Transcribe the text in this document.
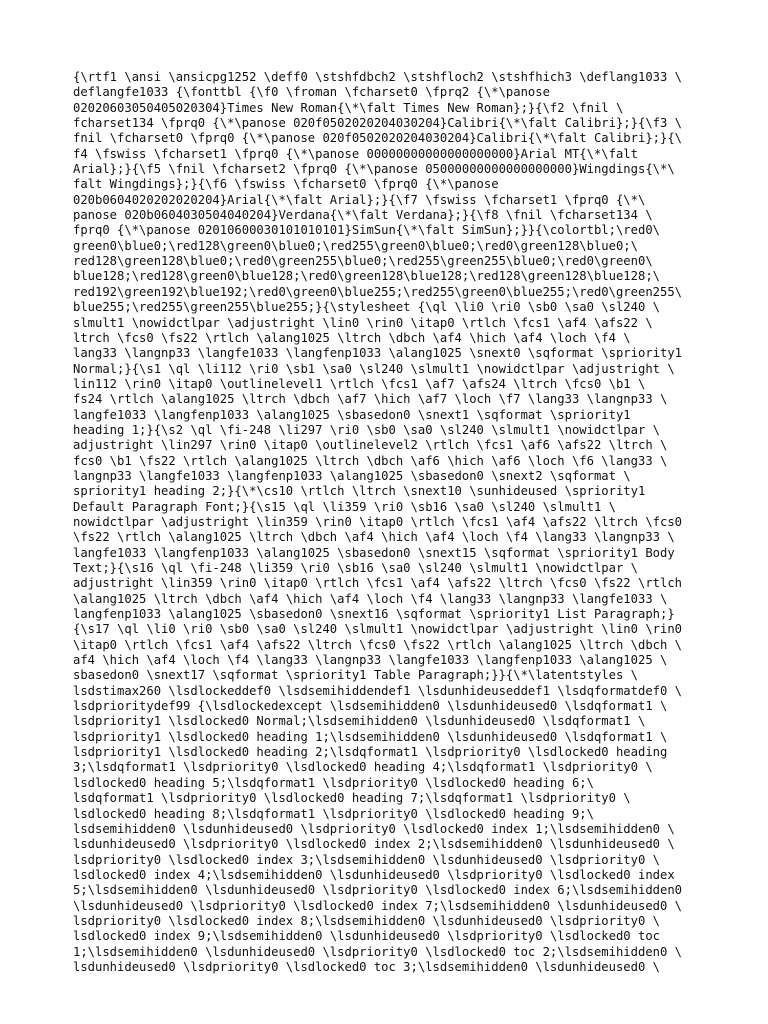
{\rtf1 \ansi \ansicpg1252 \deff0 \stshfdbch2 \stshfloch2 \stshfhich3 \deflang1033 \
deflangfe1033 {\fonttbl {\f0 \froman \fcharset0 \fprq2 {\*\panose
02020603050405020304}Times New Roman{\*\falt Times New Roman};}{\f2 \fnil \
fcharset134 \fprq0 {\*\panose 020f0502020204030204}Calibri{\*\falt Calibri};}{\f3 \
fnil \fcharset0 \fprq0 {\*\panose 020f0502020204030204}Calibri{\*\falt Calibri};}{\
f4 \fswiss \fcharset1 \fprq0 {\*\panose 00000000000000000000}Arial MT{\*\falt
Arial};}{\f5 \fnil \fcharset2 \fprq0 {\*\panose 05000000000000000000}Wingdings{\*\
falt Wingdings};}{\f6 \fswiss \fcharset0 \fprq0 {\*\panose
020b0604020202020204}Arial{\*\falt Arial};}{\f7 \fswiss \fcharset1 \fprq0 {\*\
panose 020b0604030504040204}Verdana{\*\falt Verdana};}{\f8 \fnil \fcharset134 \
fprq0 {\*\panose 02010600030101010101}SimSun{\*\falt SimSun};}}{\colortbl;\red0\
green0\blue0;\red128\green0\blue0;\red255\green0\blue0;\red0\green128\blue0;\
red128\green128\blue0;\red0\green255\blue0;\red255\green255\blue0;\red0\green0\
blue128;\red128\green0\blue128;\red0\green128\blue128;\red128\green128\blue128;\
red192\green192\blue192;\red0\green0\blue255;\red255\green0\blue255;\red0\green255\
blue255;\red255\green255\blue255;}{\stylesheet {\ql \li0 \ri0 \sb0 \sa0 \sl240 \
slmult1 \nowidctlpar \adjustright \lin0 \rin0 \itap0 \rtlch \fcs1 \af4 \afs22 \
ltrch \fcs0 \fs22 \rtlch \alang1025 \ltrch \dbch \af4 \hich \af4 \loch \f4 \
lang33 \langnp33 \langfe1033 \langfenp1033 \alang1025 \snext0 \sqformat \spriority1
Normal;}{\s1 \ql \li112 \ri0 \sb1 \sa0 \sl240 \slmult1 \nowidctlpar \adjustright \
lin112 \rin0 \itap0 \outlinelevel1 \rtlch \fcs1 \af7 \afs24 \ltrch \fcs0 \b1 \
fs24 \rtlch \alang1025 \ltrch \dbch \af7 \hich \af7 \loch \f7 \lang33 \langnp33 \
langfe1033 \langfenp1033 \alang1025 \sbasedon0 \snext1 \sqformat \spriority1
heading 1;}{\s2 \ql \fi-248 \li297 \ri0 \sb0 \sa0 \sl240 \slmult1 \nowidctlpar \
adjustright \lin297 \rin0 \itap0 \outlinelevel2 \rtlch \fcs1 \af6 \afs22 \ltrch \
fcs0 \b1 \fs22 \rtlch \alang1025 \ltrch \dbch \af6 \hich \af6 \loch \f6 \lang33 \
langnp33 \langfe1033 \langfenp1033 \alang1025 \sbasedon0 \snext2 \sqformat \
spriority1 heading 2;}{\*\cs10 \rtlch \ltrch \snext10 \sunhideused \spriority1
Default Paragraph Font;}{\s15 \ql \li359 \ri0 \sb16 \sa0 \sl240 \slmult1 \
nowidctlpar \adjustright \lin359 \rin0 \itap0 \rtlch \fcs1 \af4 \afs22 \ltrch \fcs0
\fs22 \rtlch \alang1025 \ltrch \dbch \af4 \hich \af4 \loch \f4 \lang33 \langnp33 \
langfe1033 \langfenp1033 \alang1025 \sbasedon0 \snext15 \sqformat \spriority1 Body
Text;}{\s16 \ql \fi-248 \li359 \ri0 \sb16 \sa0 \sl240 \slmult1 \nowidctlpar \
adjustright \lin359 \rin0 \itap0 \rtlch \fcs1 \af4 \afs22 \ltrch \fcs0 \fs22 \rtlch
\alang1025 \ltrch \dbch \af4 \hich \af4 \loch \f4 \lang33 \langnp33 \langfe1033 \
langfenp1033 \alang1025 \sbasedon0 \snext16 \sqformat \spriority1 List Paragraph;}
{\s17 \ql \li0 \ri0 \sb0 \sa0 \sl240 \slmult1 \nowidctlpar \adjustright \lin0 \rin0
\itap0 \rtlch \fcs1 \af4 \afs22 \ltrch \fcs0 \fs22 \rtlch \alang1025 \ltrch \dbch \
af4 \hich \af4 \loch \f4 \lang33 \langnp33 \langfe1033 \langfenp1033 \alang1025 \
sbasedon0 \snext17 \sqformat \spriority1 Table Paragraph;}}{\*\latentstyles \
lsdstimax260 \lsdlockeddef0 \lsdsemihiddendef1 \lsdunhideuseddef1 \lsdqformatdef0 \
lsdprioritydef99 {\lsdlockedexcept \lsdsemihidden0 \lsdunhideused0 \lsdqformat1 \
lsdpriority1 \lsdlocked0 Normal;\lsdsemihidden0 \lsdunhideused0 \lsdqformat1 \
lsdpriority1 \lsdlocked0 heading 1;\lsdsemihidden0 \lsdunhideused0 \lsdqformat1 \
lsdpriority1 \lsdlocked0 heading 2;\lsdqformat1 \lsdpriority0 \lsdlocked0 heading
3;\lsdqformat1 \lsdpriority0 \lsdlocked0 heading 4;\lsdqformat1 \lsdpriority0 \
lsdlocked0 heading 5;\lsdqformat1 \lsdpriority0 \lsdlocked0 heading 6;\
lsdqformat1 \lsdpriority0 \lsdlocked0 heading 7;\lsdqformat1 \lsdpriority0 \
lsdlocked0 heading 8;\lsdqformat1 \lsdpriority0 \lsdlocked0 heading 9;\
lsdsemihidden0 \lsdunhideused0 \lsdpriority0 \lsdlocked0 index 1;\lsdsemihidden0 \
lsdunhideused0 \lsdpriority0 \lsdlocked0 index 2;\lsdsemihidden0 \lsdunhideused0 \
lsdpriority0 \lsdlocked0 index 3;\lsdsemihidden0 \lsdunhideused0 \lsdpriority0 \
lsdlocked0 index 4;\lsdsemihidden0 \lsdunhideused0 \lsdpriority0 \lsdlocked0 index
5;\lsdsemihidden0 \lsdunhideused0 \lsdpriority0 \lsdlocked0 index 6;\lsdsemihidden0
\lsdunhideused0 \lsdpriority0 \lsdlocked0 index 7;\lsdsemihidden0 \lsdunhideused0 \
lsdpriority0 \lsdlocked0 index 8;\lsdsemihidden0 \lsdunhideused0 \lsdpriority0 \
lsdlocked0 index 9;\lsdsemihidden0 \lsdunhideused0 \lsdpriority0 \lsdlocked0 toc
1;\lsdsemihidden0 \lsdunhideused0 \lsdpriority0 \lsdlocked0 toc 2;\lsdsemihidden0 \
lsdunhideused0 \lsdpriority0 \lsdlocked0 toc 3;\lsdsemihidden0 \lsdunhideused0 \
